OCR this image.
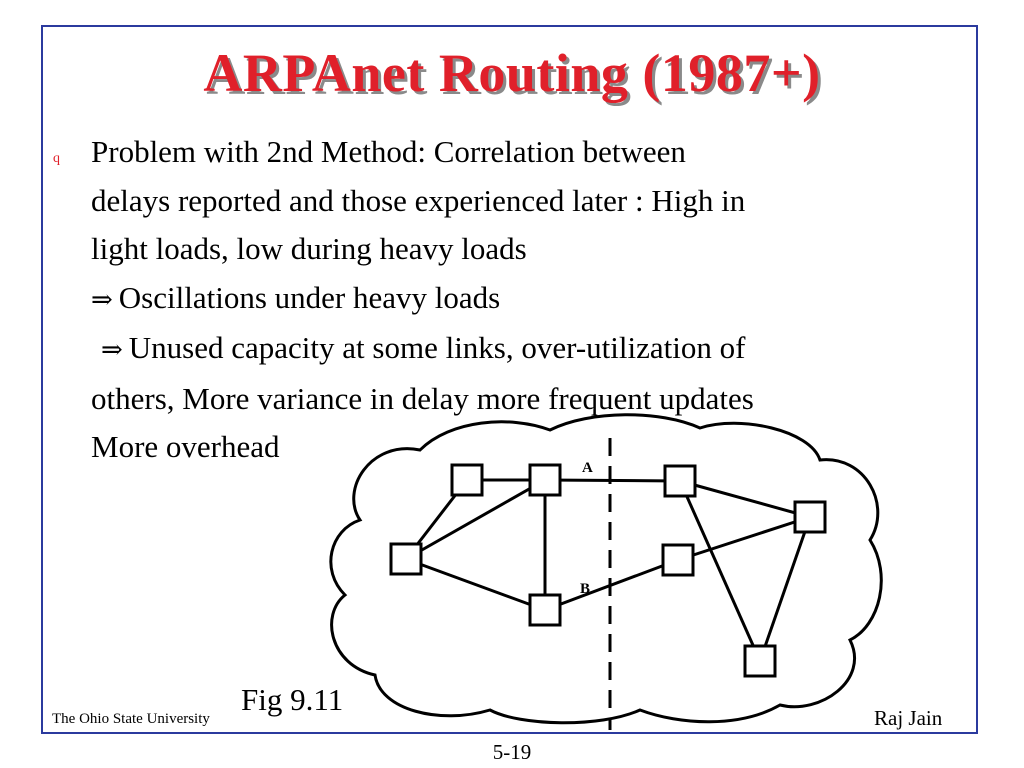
ARPAnet Routing (1987+)
q Problem with 2nd Method: Correlation between
delays reported and those experienced later : High in
light loads, low during heavy loads
⇒ Oscillations under heavy loads
⇒ Unused capacity at some links, over-utilization of
others, More variance in delay more frequent updates
More overhead
A
B
Fig 9.11
The Ohio State University	Raj Jain
5-19
